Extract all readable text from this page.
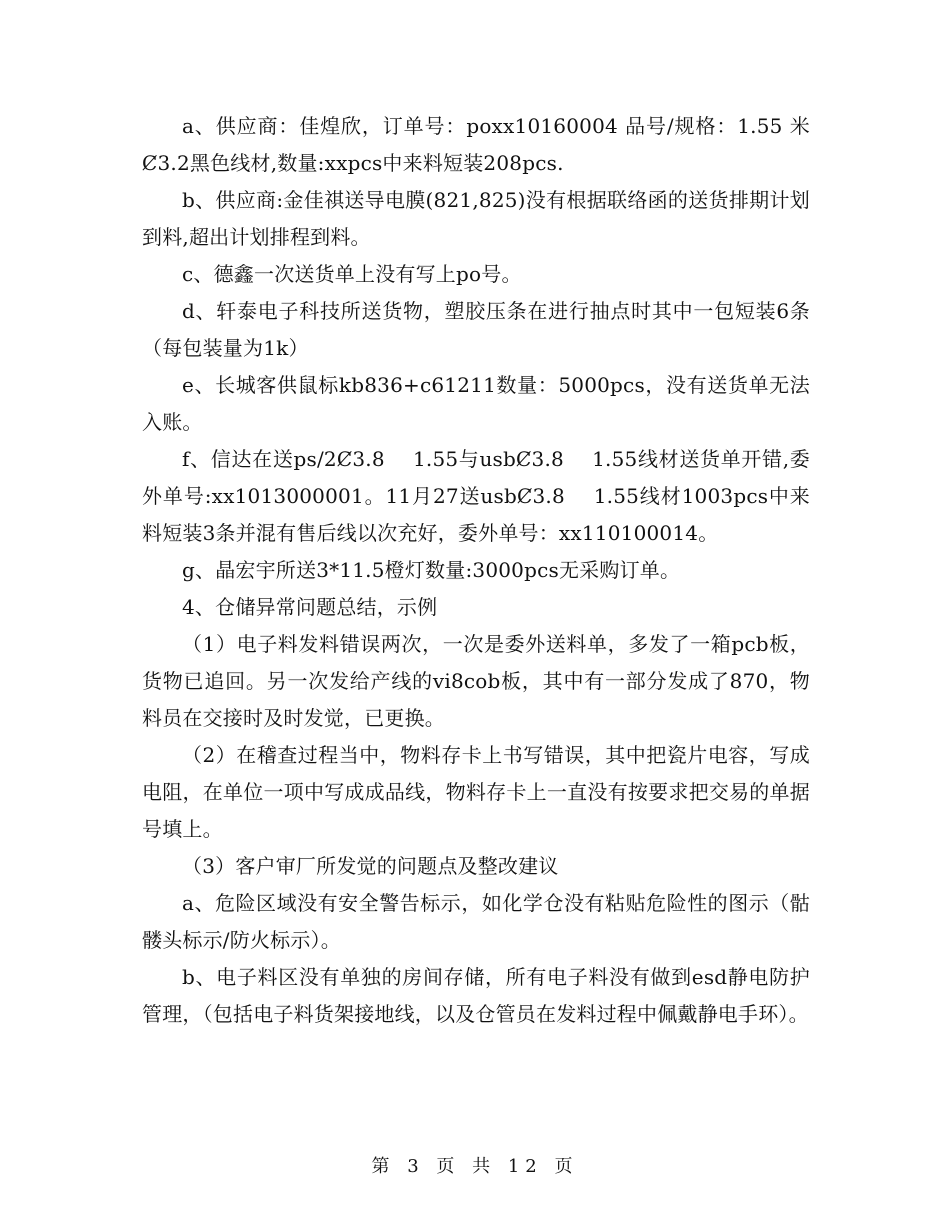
a、供应商：佳煌欣，订单号：poxx10160004 品号/规格：1.55 米Ȼ3.2黑色线材,数量:xxpcs中来料短装208pcs.

b、供应商:金佳祺送导电膜(821,825)没有根据联络函的送货排期计划到料,超出计划排程到料。

c、德鑫一次送货单上没有写上po号。

d、轩泰电子科技所送货物，塑胶压条在进行抽点时其中一包短装6条（每包装量为1k）

e、长城客供鼠标kb836+c61211数量：5000pcs，没有送货单无法入账。

f、信达在送ps/2Ȼ3.8　 1.55与usbȻ3.8　 1.55线材送货单开错,委外单号:xx1013000001。11月27送usbȻ3.8　 1.55线材1003pcs中来料短装3条并混有售后线以次充好，委外单号：xx110100014。

g、晶宏宇所送3*11.5橙灯数量:3000pcs无采购订单。

4、仓储异常问题总结，示例

（1）电子料发料错误两次，一次是委外送料单，多发了一箱pcb板，货物已追回。另一次发给产线的vi8cob板，其中有一部分发成了870，物料员在交接时及时发觉，已更换。

（2）在稽查过程当中，物料存卡上书写错误，其中把瓷片电容，写成电阻，在单位一项中写成成品线，物料存卡上一直没有按要求把交易的单据号填上。

（3）客户审厂所发觉的问题点及整改建议

a、危险区域没有安全警告标示，如化学仓没有粘贴危险性的图示（骷髅头标示/防火标示）。

b、电子料区没有单独的房间存储，所有电子料没有做到esd静电防护管理，（包括电子料货架接地线，以及仓管员在发料过程中佩戴静电手环）。

第 3 页 共 12 页
